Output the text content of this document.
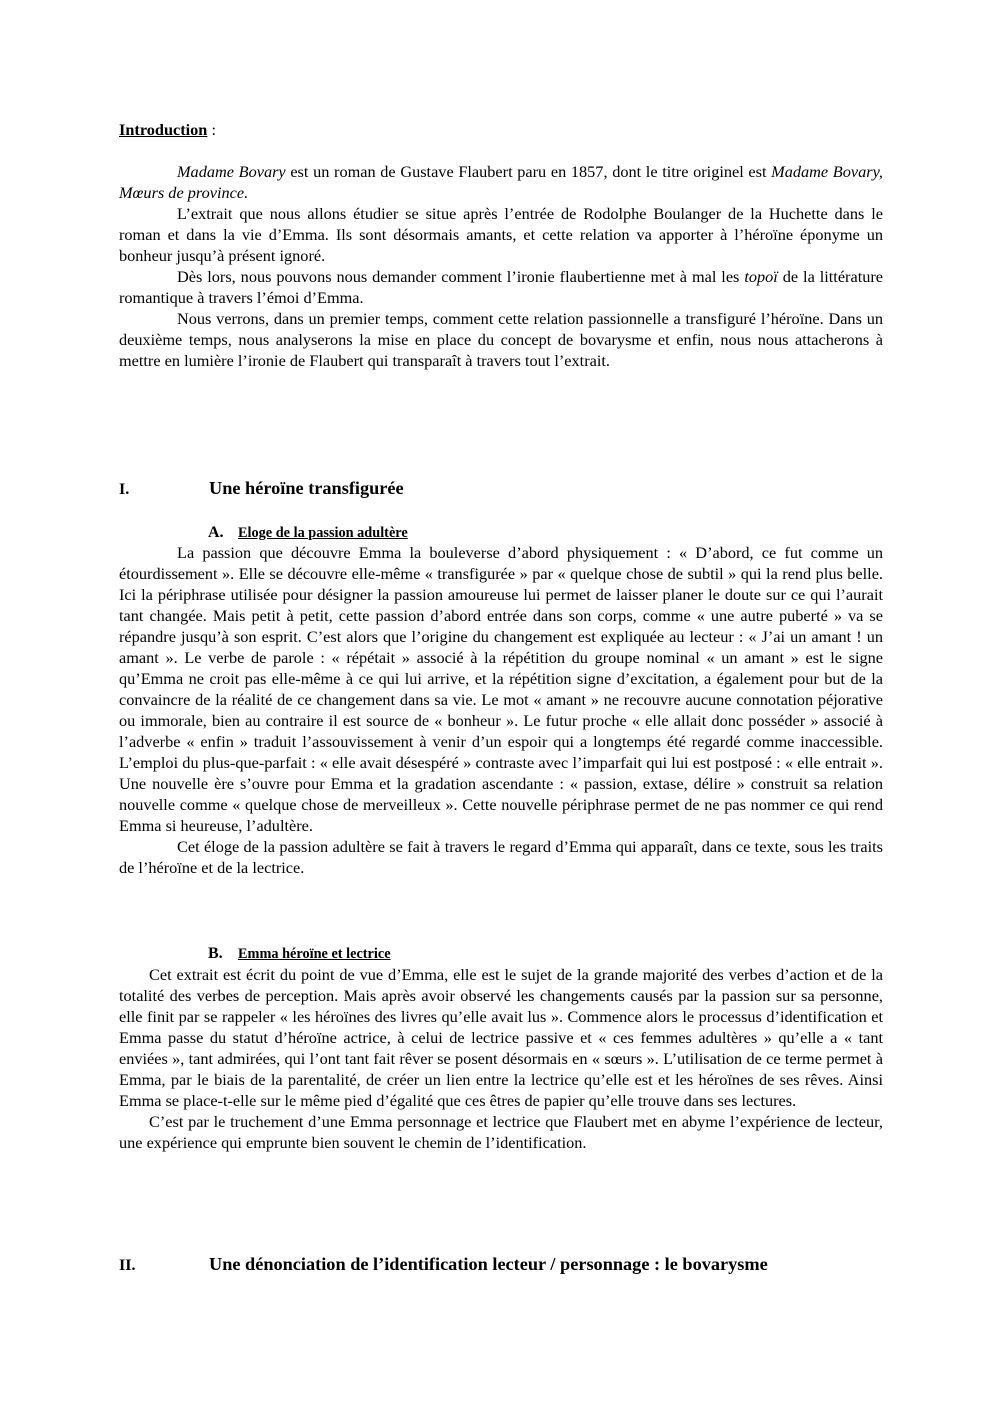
Introduction :

Madame Bovary est un roman de Gustave Flaubert paru en 1857, dont le titre originel est Madame Bovary, Mœurs de province.

L’extrait que nous allons étudier se situe après l’entrée de Rodolphe Boulanger de la Huchette dans le roman et dans la vie d’Emma. Ils sont désormais amants, et cette relation va apporter à l’héroïne éponyme un bonheur jusqu’à présent ignoré.

Dès lors, nous pouvons nous demander comment l’ironie flaubertienne met à mal les topoï de la littérature romantique à travers l’émoi d’Emma.

Nous verrons, dans un premier temps, comment cette relation passionnelle a transfiguré l’héroïne. Dans un deuxième temps, nous analyserons la mise en place du concept de bovarysme et enfin, nous nous attacherons à mettre en lumière l’ironie de Flaubert qui transparaît à travers tout l’extrait.

I.	Une héroïne transfigurée
A. Eloge de la passion adultère

La passion que découvre Emma la bouleverse d’abord physiquement : « D’abord, ce fut comme un étourdissement ». Elle se découvre elle-même « transfigurée » par « quelque chose de subtil » qui la rend plus belle. Ici la périphrase utilisée pour désigner la passion amoureuse lui permet de laisser planer le doute sur ce qui l’aurait tant changée. Mais petit à petit, cette passion d’abord entrée dans son corps, comme « une autre puberté » va se répandre jusqu’à son esprit. C’est alors que l’origine du changement est expliquée au lecteur : « J’ai un amant ! un amant ». Le verbe de parole : « répétait » associé à la répétition du groupe nominal « un amant » est le signe qu’Emma ne croit pas elle-même à ce qui lui arrive, et la répétition signe d’excitation, a également pour but de la convaincre de la réalité de ce changement dans sa vie. Le mot « amant » ne recouvre aucune connotation péjorative ou immorale, bien au contraire il est source de « bonheur ». Le futur proche « elle allait donc posséder » associé à l’adverbe « enfin » traduit l’assouvissement à venir d’un espoir qui a longtemps été regardé comme inaccessible. L’emploi du plus-que-parfait : « elle avait désespéré » contraste avec l’imparfait qui lui est postposé : « elle entrait ». Une nouvelle ère s’ouvre pour Emma et la gradation ascendante : « passion, extase, délire » construit sa relation nouvelle comme « quelque chose de merveilleux ». Cette nouvelle périphrase permet de ne pas nommer ce qui rend Emma si heureuse, l’adultère.

Cet éloge de la passion adultère se fait à travers le regard d’Emma qui apparaît, dans ce texte, sous les traits de l’héroïne et de la lectrice.

B. Emma héroïne et lectrice

Cet extrait est écrit du point de vue d’Emma, elle est le sujet de la grande majorité des verbes d’action et de la totalité des verbes de perception. Mais après avoir observé les changements causés par la passion sur sa personne, elle finit par se rappeler « les héroïnes des livres qu’elle avait lus ». Commence alors le processus d’identification et Emma passe du statut d’héroïne actrice, à celui de lectrice passive et « ces femmes adultères » qu’elle a « tant enviées », tant admirées, qui l’ont tant fait rêver se posent désormais en « sœurs ». L’utilisation de ce terme permet à Emma, par le biais de la parentalité, de créer un lien entre la lectrice qu’elle est et les héroïnes de ses rêves. Ainsi Emma se place-t-elle sur le même pied d’égalité que ces êtres de papier qu’elle trouve dans ses lectures.

C’est par le truchement d’une Emma personnage et lectrice que Flaubert met en abyme l’expérience de lecteur, une expérience qui emprunte bien souvent le chemin de l’identification.

II.	Une dénonciation de l’identification lecteur / personnage : le bovarysme
